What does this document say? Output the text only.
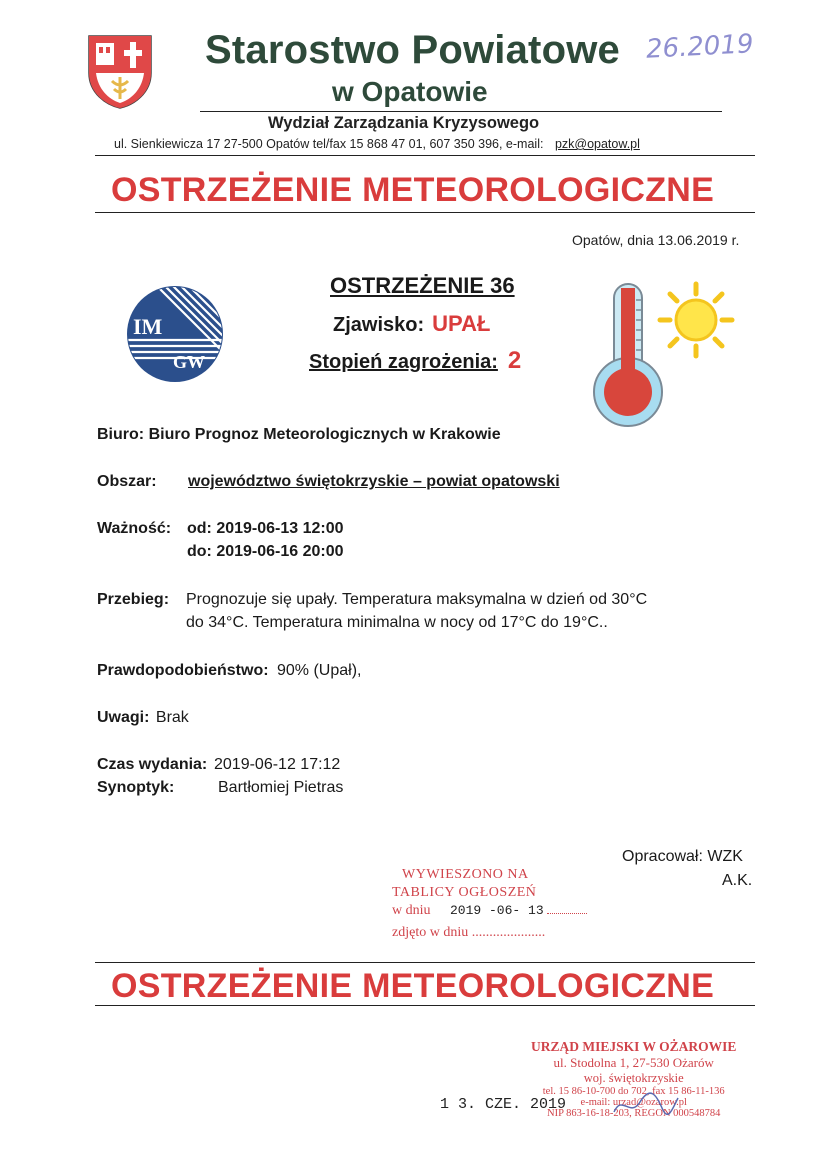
Starostwo Powiatowe
w Opatowie
26.2019
Wydział Zarządzania Kryzysowego
ul. Sienkiewicza 17 27-500 Opatów tel/fax 15 868 47 01, 607 350 396, e-mail: pzk@opatow.pl
OSTRZEŻENIE METEOROLOGICZNE
Opatów, dnia 13.06.2019 r.
IM
GW
OSTRZEŻENIE 36
Zjawisko: UPAŁ
Stopień zagrożenia: 2
Biuro: Biuro Prognoz Meteorologicznych w Krakowie
Obszar: województwo świętokrzyskie – powiat opatowski
Ważność: od: 2019-06-13 12:00
do: 2019-06-16 20:00
Przebieg: Prognozuje się upały. Temperatura maksymalna w dzień od 30°C
do 34°C. Temperatura minimalna w nocy od 17°C do 19°C..
Prawdopodobieństwo: 90% (Upał),
Uwagi: Brak
Czas wydania: 2019-06-12 17:12
Synoptyk:	Bartłomiej Pietras
Opracował: WZK
A.K.
WYWIESZONO NA
TABLICY OGŁOSZEŃ
w dniu 2019 -06- 13
zdjęto w dniu .....................
OSTRZEŻENIE METEOROLOGICZNE
1 3. CZE. 2019
URZĄD MIEJSKI W OŻAROWIE
ul. Stodolna 1, 27-530 Ożarów
woj. świętokrzyskie
tel. 15 86-10-700 do 702, fax 15 86-11-136
e-mail: urzad@ozarow.pl
NIP 863-16-18-203, REGON 000548784
